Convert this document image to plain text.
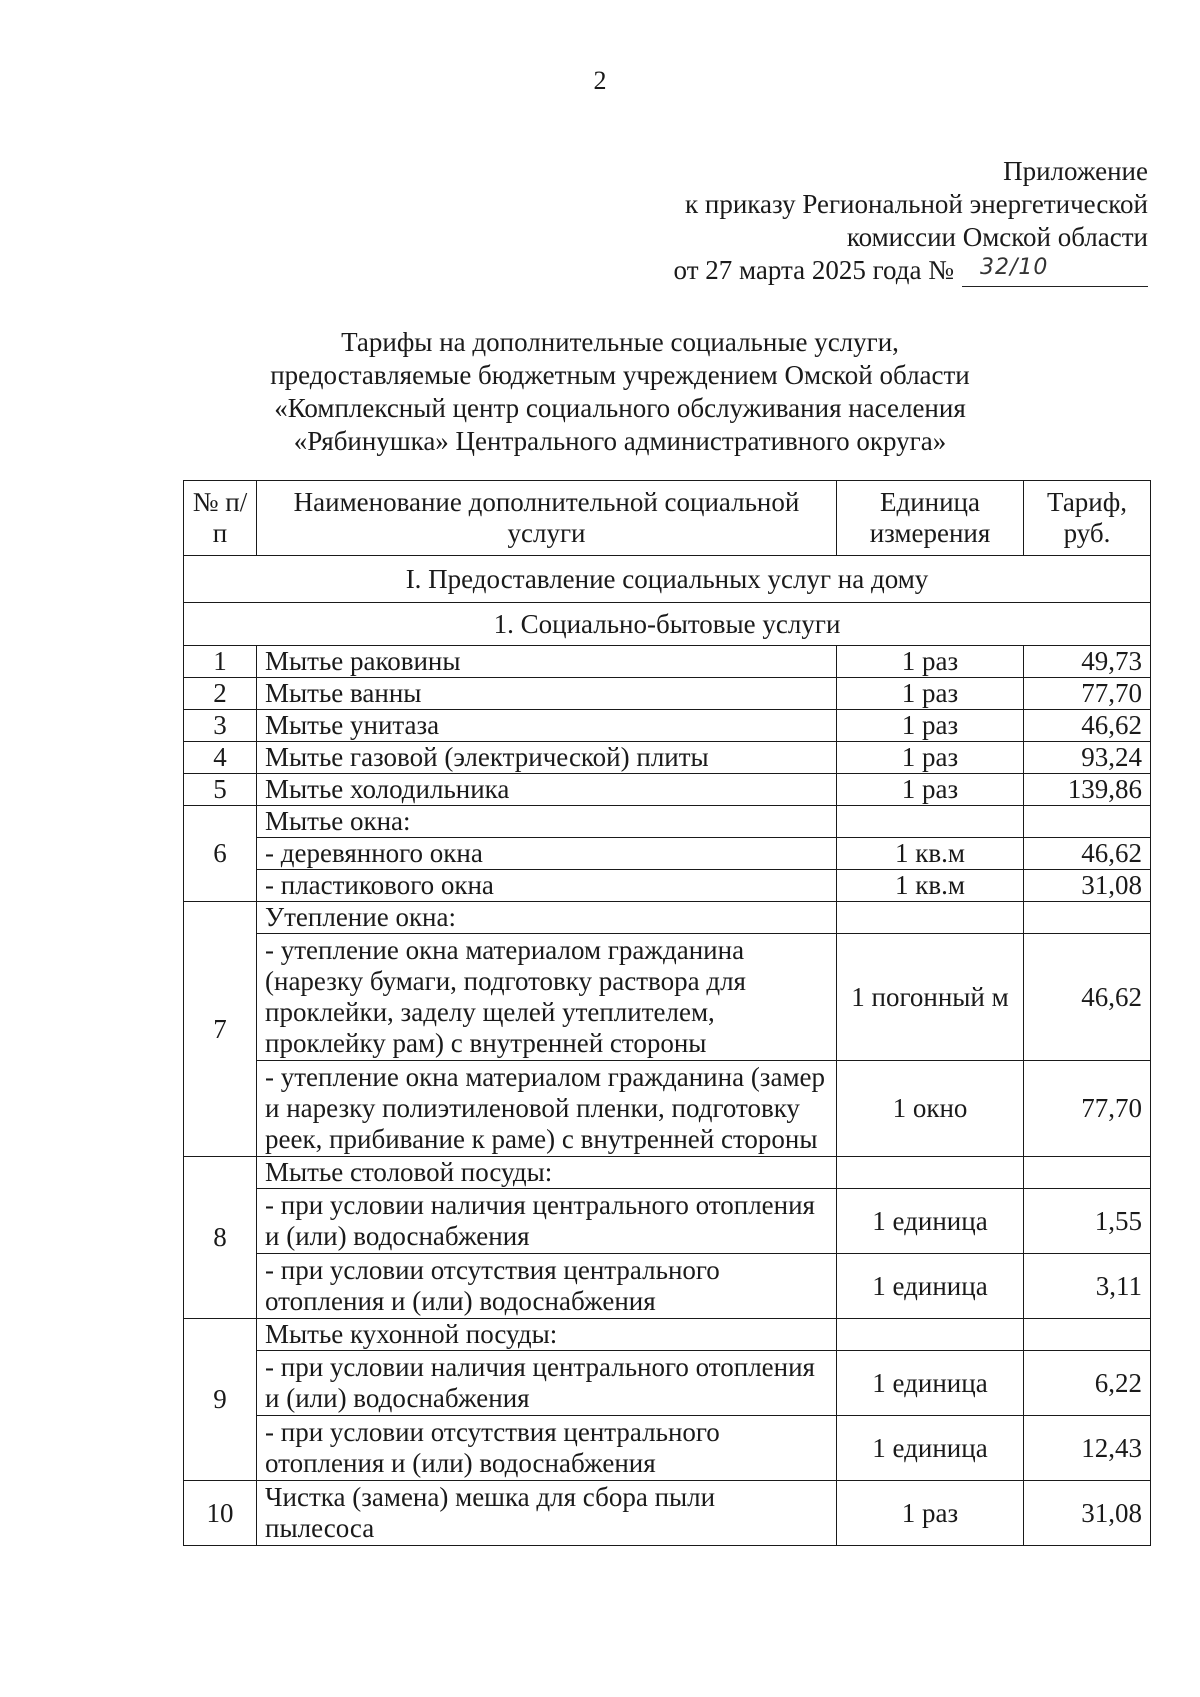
2
Приложение
к приказу Региональной энергетической
комиссии Омской области
от 27 марта 2025 года № 32/10
Тарифы на дополнительные социальные услуги,
предоставляемые бюджетным учреждением Омской области
«Комплексный центр социального обслуживания населения
«Рябинушка» Центрального административного округа»
№ п/п	Наименование дополнительной социальной услуги	Единица измерения	Тариф, руб.
I. Предоставление социальных услуг на дому			
1. Социально-бытовые услуги			
1	Мытье раковины	1 раз	49,73
2	Мытье ванны	1 раз	77,70
3	Мытье унитаза	1 раз	46,62
4	Мытье газовой (электрической) плиты	1 раз	93,24
5	Мытье холодильника	1 раз	139,86
6	Мытье окна:		
	- деревянного окна	1 кв.м	46,62
	- пластикового окна	1 кв.м	31,08
7	Утепление окна:		
	- утепление окна материалом гражданина (нарезку бумаги, подготовку раствора для проклейки, заделу щелей утеплителем, проклейку рам) с внутренней стороны	1 погонный м	46,62
	- утепление окна материалом гражданина (замер и нарезку полиэтиленовой пленки, подготовку реек, прибивание к раме) с внутренней стороны	1 окно	77,70
8	Мытье столовой посуды:		
	- при условии наличия центрального отопления и (или) водоснабжения	1 единица	1,55
	- при условии отсутствия центрального отопления и (или) водоснабжения	1 единица	3,11
9	Мытье кухонной посуды:		
	- при условии наличия центрального отопления и (или) водоснабжения	1 единица	6,22
	- при условии отсутствия центрального отопления и (или) водоснабжения	1 единица	12,43
10	Чистка (замена) мешка для сбора пыли пылесоса	1 раз	31,08
